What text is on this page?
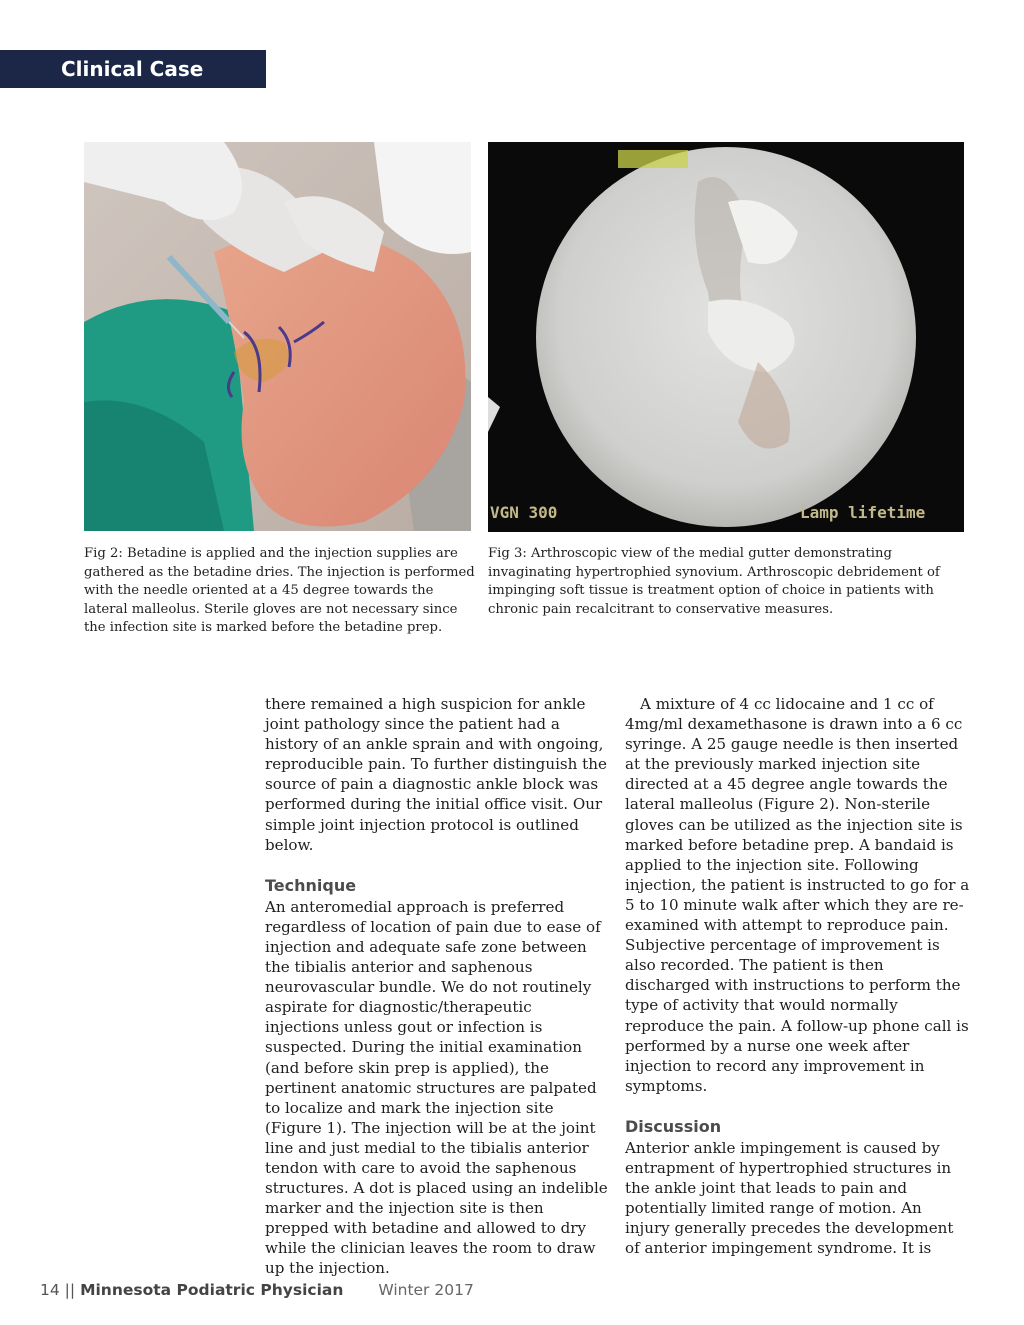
Clinical Case
VGN 300	Lamp lifetime

Fig 2: Betadine is applied and the injection supplies are gathered as the betadine dries. The injection is performed with the needle oriented at a 45 degree towards the lateral malleolus. Sterile gloves are not necessary since the infection site is marked before the betadine prep.

Fig 3: Arthroscopic view of the medial gutter demonstrating invaginating hypertrophied synovium. Arthroscopic debridement of impinging soft tissue is treatment option of choice in patients with chronic pain recalcitrant to conservative measures.

there remained a high suspicion for ankle joint pathology since the patient had a history of an ankle sprain and with ongoing, reproducible pain. To further distinguish the source of pain a diagnostic ankle block was performed during the initial office visit. Our simple joint injection protocol is outlined below.

Technique

An anteromedial approach is preferred regardless of location of pain due to ease of injection and adequate safe zone between the tibialis anterior and saphenous neurovascular bundle. We do not routinely aspirate for diagnostic/therapeutic injections unless gout or infection is suspected. During the initial examination (and before skin prep is applied), the pertinent anatomic structures are palpated to localize and mark the injection site (Figure 1). The injection will be at the joint line and just medial to the tibialis anterior tendon with care to avoid the saphenous structures. A dot is placed using an indelible marker and the injection site is then prepped with betadine and allowed to dry while the clinician leaves the room to draw up the injection.

A mixture of 4 cc lidocaine and 1 cc of 4mg/ml dexamethasone is drawn into a 6 cc syringe. A 25 gauge needle is then inserted at the previously marked injection site directed at a 45 degree angle towards the lateral malleolus (Figure 2). Non-sterile gloves can be utilized as the injection site is marked before betadine prep. A bandaid is applied to the injection site. Following injection, the patient is instructed to go for a 5 to 10 minute walk after which they are re-examined with attempt to reproduce pain. Subjective percentage of improvement is also recorded. The patient is then discharged with instructions to perform the type of activity that would normally reproduce the pain. A follow-up phone call is performed by a nurse one week after injection to record any improvement in symptoms.

Discussion

Anterior ankle impingement is caused by entrapment of hypertrophied structures in the ankle joint that leads to pain and potentially limited range of motion. An injury generally precedes the development of anterior impingement syndrome. It is

14 || Minnesota Podiatric Physician Winter 2017
